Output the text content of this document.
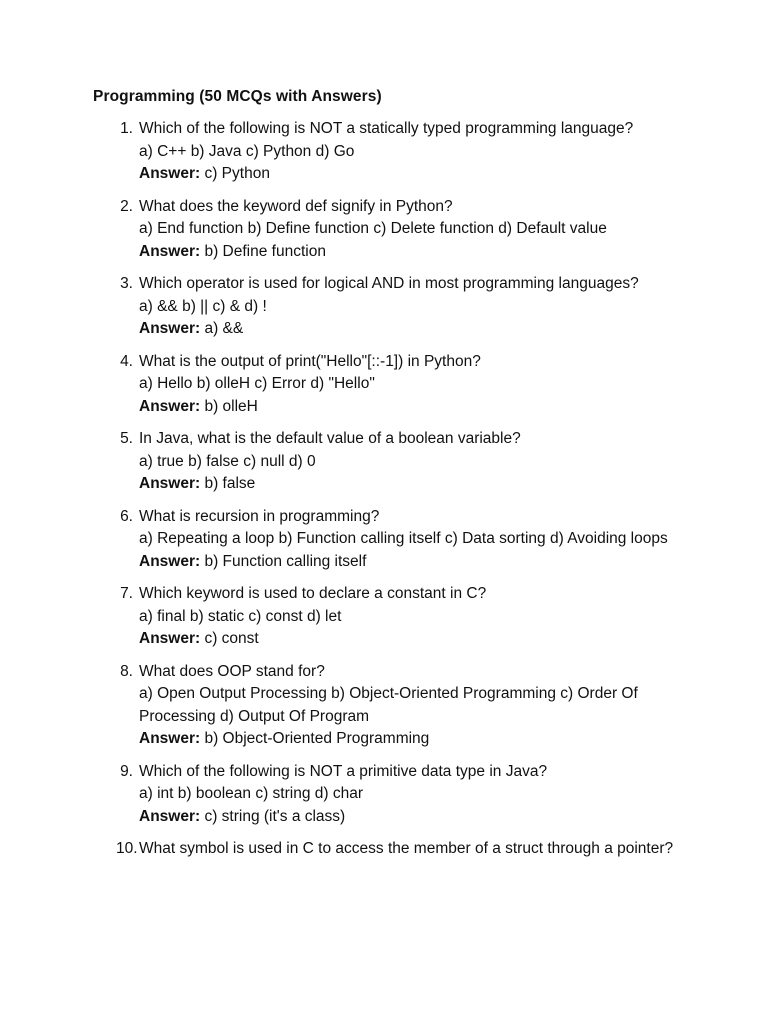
Programming (50 MCQs with Answers)
1. Which of the following is NOT a statically typed programming language?
a) C++ b) Java c) Python d) Go
Answer: c) Python
2. What does the keyword def signify in Python?
a) End function b) Define function c) Delete function d) Default value
Answer: b) Define function
3. Which operator is used for logical AND in most programming languages?
a) && b) || c) & d) !
Answer: a) &&
4. What is the output of print("Hello"[::-1]) in Python?
a) Hello b) olleH c) Error d) "Hello"
Answer: b) olleH
5. In Java, what is the default value of a boolean variable?
a) true b) false c) null d) 0
Answer: b) false
6. What is recursion in programming?
a) Repeating a loop b) Function calling itself c) Data sorting d) Avoiding loops
Answer: b) Function calling itself
7. Which keyword is used to declare a constant in C?
a) final b) static c) const d) let
Answer: c) const
8. What does OOP stand for?
a) Open Output Processing b) Object-Oriented Programming c) Order Of Processing d) Output Of Program
Answer: b) Object-Oriented Programming
9. Which of the following is NOT a primitive data type in Java?
a) int b) boolean c) string d) char
Answer: c) string (it's a class)
10. What symbol is used in C to access the member of a struct through a pointer?
